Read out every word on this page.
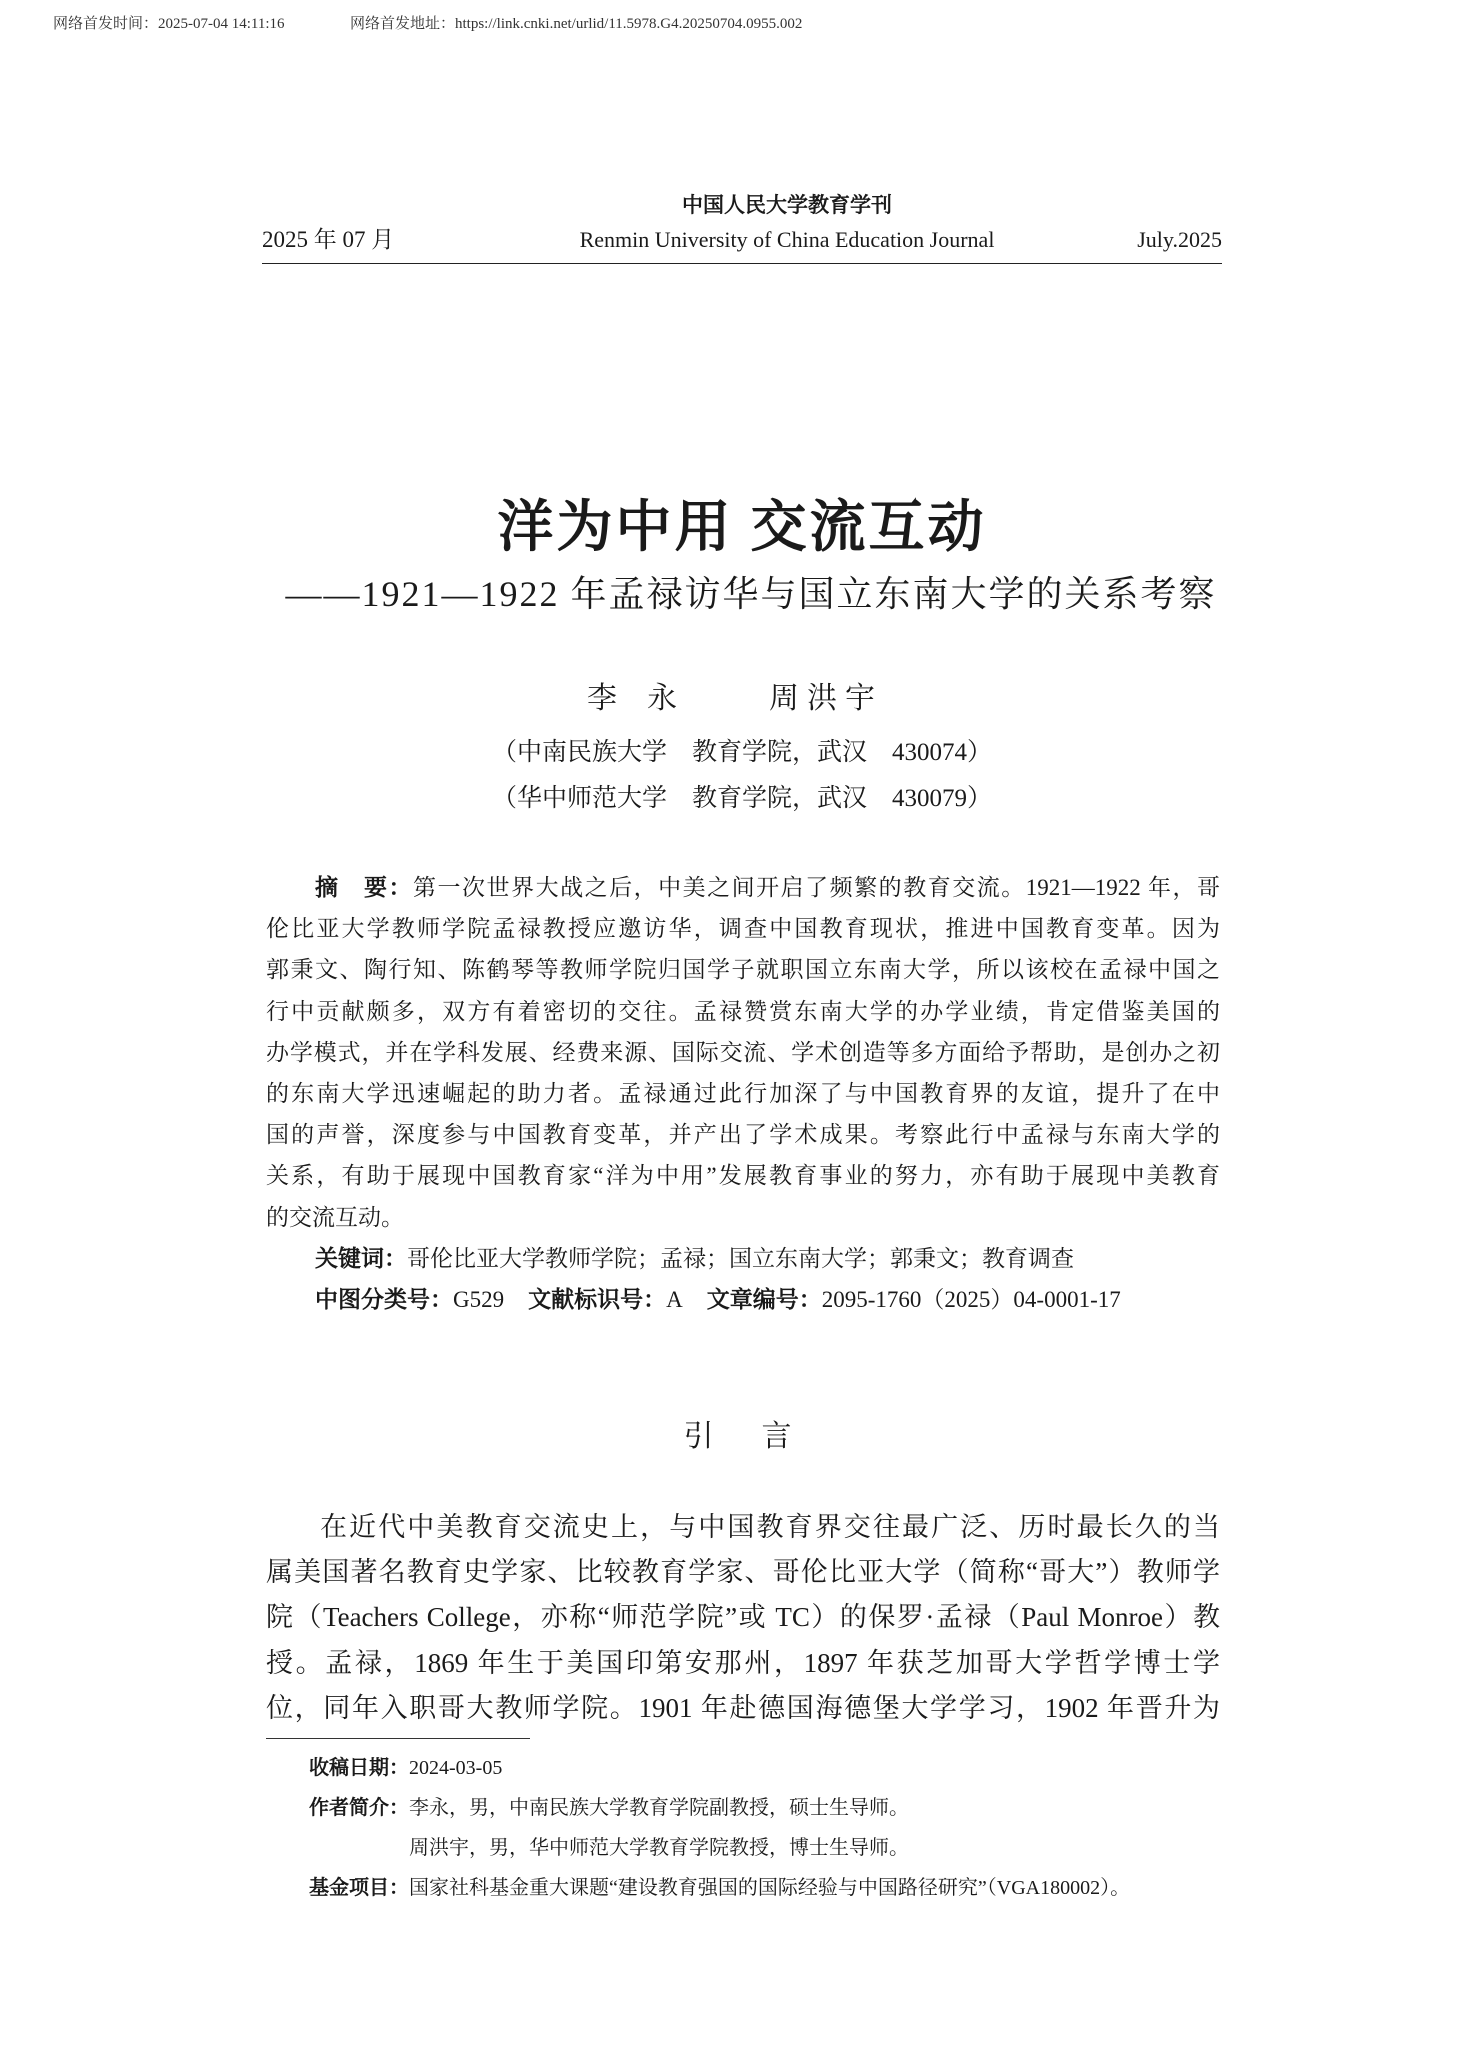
网络首发时间：2025-07-04 14:11:16	网络首发地址：https://link.cnki.net/urlid/11.5978.G4.20250704.0955.002
中国人民大学教育学刊
2025 年 07 月	Renmin University of China Education Journal	July.2025
洋为中用 交流互动
——1921—1922 年孟禄访华与国立东南大学的关系考察
李　永	周洪宇
（中南民族大学　教育学院，武汉　430074）
（华中师范大学　教育学院，武汉　430079）
摘　要：第一次世界大战之后，中美之间开启了频繁的教育交流。1921—1922 年，哥
伦比亚大学教师学院孟禄教授应邀访华，调查中国教育现状，推进中国教育变革。因为
郭秉文、陶行知、陈鹤琴等教师学院归国学子就职国立东南大学，所以该校在孟禄中国之
行中贡献颇多，双方有着密切的交往。孟禄赞赏东南大学的办学业绩，肯定借鉴美国的
办学模式，并在学科发展、经费来源、国际交流、学术创造等多方面给予帮助，是创办之初
的东南大学迅速崛起的助力者。孟禄通过此行加深了与中国教育界的友谊，提升了在中
国的声誉，深度参与中国教育变革，并产出了学术成果。考察此行中孟禄与东南大学的
关系，有助于展现中国教育家“洋为中用”发展教育事业的努力，亦有助于展现中美教育
的交流互动。
关键词：哥伦比亚大学教师学院；孟禄；国立东南大学；郭秉文；教育调查
中图分类号：G529 文献标识号：A 文章编号：2095-1760（2025）04-0001-17
引　言
在近代中美教育交流史上，与中国教育界交往最广泛、历时最长久的当
属美国著名教育史学家、比较教育学家、哥伦比亚大学（简称“哥大”）教师学
院（Teachers College，亦称“师范学院”或 TC）的保罗·孟禄（Paul Monroe）教
授。孟禄，1869 年生于美国印第安那州，1897 年获芝加哥大学哲学博士学
位，同年入职哥大教师学院。1901 年赴德国海德堡大学学习，1902 年晋升为
收稿日期：2024-03-05
作者简介：李永，男，中南民族大学教育学院副教授，硕士生导师。
周洪宇，男，华中师范大学教育学院教授，博士生导师。
基金项目：国家社科基金重大课题“建设教育强国的国际经验与中国路径研究”（VGA180002）。
